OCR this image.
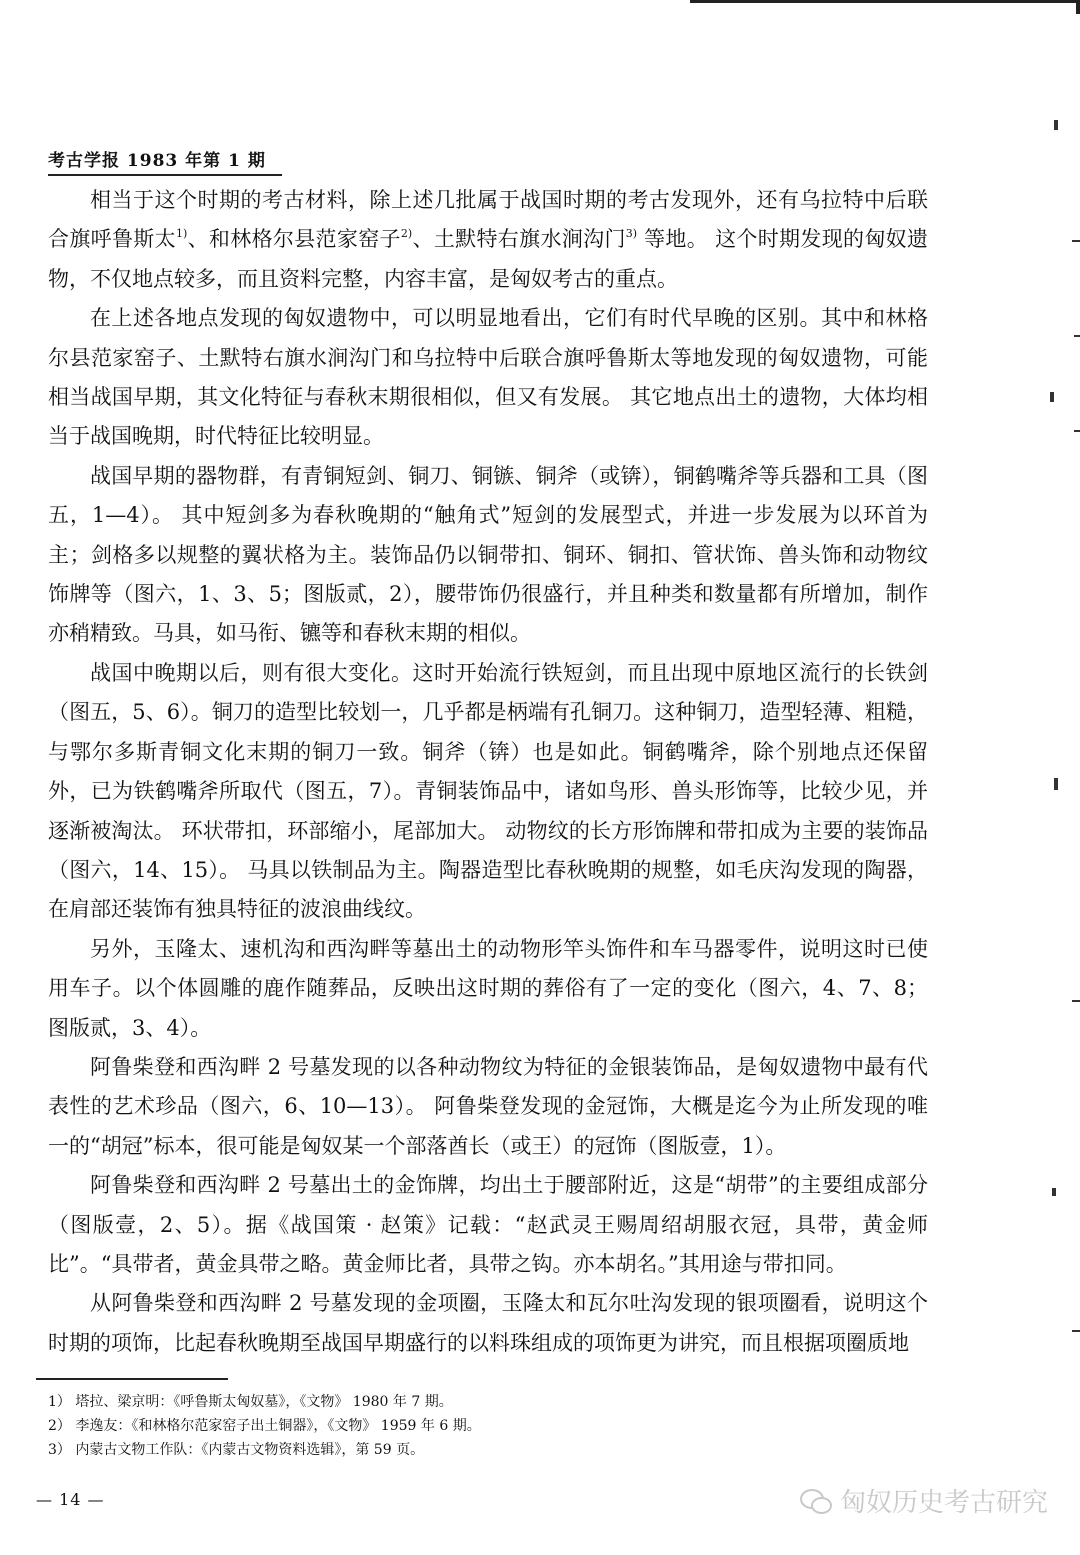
考古学报 1983 年第 1 期

相当于这个时期的考古材料，除上述几批属于战国时期的考古发现外，还有乌拉特中后联合旗呼鲁斯太$^{1)}$、和林格尔县范家窑子$^{2)}$、土默特右旗水涧沟门$^{3)}$ 等地。 这个时期发现的匈奴遗物，不仅地点较多，而且资料完整，内容丰富，是匈奴考古的重点。

在上述各地点发现的匈奴遗物中，可以明显地看出，它们有时代早晚的区别。其中和林格尔县范家窑子、土默特右旗水涧沟门和乌拉特中后联合旗呼鲁斯太等地发现的匈奴遗物，可能相当战国早期，其文化特征与春秋末期很相似，但又有发展。 其它地点出土的遗物，大体均相当于战国晚期，时代特征比较明显。

战国早期的器物群，有青铜短剑、铜刀、铜镞、铜斧（或锛），铜鹤嘴斧等兵器和工具（图五，1—4）。 其中短剑多为春秋晚期的“触角式”短剑的发展型式，并进一步发展为以环首为主；剑格多以规整的翼状格为主。装饰品仍以铜带扣、铜环、铜扣、管状饰、兽头饰和动物纹饰牌等（图六，1、3、5；图版贰，2），腰带饰仍很盛行，并且种类和数量都有所增加，制作亦稍精致。马具，如马衔、镳等和春秋末期的相似。

战国中晚期以后，则有很大变化。这时开始流行铁短剑，而且出现中原地区流行的长铁剑（图五，5、6）。铜刀的造型比较划一，几乎都是柄端有孔铜刀。这种铜刀，造型轻薄、粗糙，与鄂尔多斯青铜文化末期的铜刀一致。铜斧（锛）也是如此。铜鹤嘴斧，除个别地点还保留外，已为铁鹤嘴斧所取代（图五，7）。青铜装饰品中，诸如鸟形、兽头形饰等，比较少见，并逐渐被淘汰。 环状带扣，环部缩小，尾部加大。 动物纹的长方形饰牌和带扣成为主要的装饰品（图六，14、15）。 马具以铁制品为主。陶器造型比春秋晚期的规整，如毛庆沟发现的陶器，在肩部还装饰有独具特征的波浪曲线纹。

另外，玉隆太、速机沟和西沟畔等墓出土的动物形竿头饰件和车马器零件，说明这时已使用车子。以个体圆雕的鹿作随葬品，反映出这时期的葬俗有了一定的变化（图六，4、7、8； 图版贰，3、4）。

阿鲁柴登和西沟畔 2 号墓发现的以各种动物纹为特征的金银装饰品，是匈奴遗物中最有代表性的艺术珍品（图六，6、10—13）。 阿鲁柴登发现的金冠饰，大概是迄今为止所发现的唯一的“胡冠”标本，很可能是匈奴某一个部落酋长（或王）的冠饰（图版壹，1）。

阿鲁柴登和西沟畔 2 号墓出土的金饰牌，均出土于腰部附近，这是“胡带”的主要组成部分（图版壹，2、5）。据《战国策 · 赵策》记载：“赵武灵王赐周绍胡服衣冠，具带，黄金师比”。“具带者，黄金具带之略。黄金师比者，具带之钩。亦本胡名。”其用途与带扣同。

从阿鲁柴登和西沟畔 2 号墓发现的金项圈，玉隆太和瓦尔吐沟发现的银项圈看，说明这个时期的项饰，比起春秋晚期至战国早期盛行的以料珠组成的项饰更为讲究，而且根据项圈质地

1） 塔拉、梁京明：《呼鲁斯太匈奴墓》，《文物》 1980 年 7 期。
2） 李逸友：《和林格尔范家窑子出土铜器》，《文物》 1959 年 6 期。
3） 内蒙古文物工作队：《内蒙古文物资料选辑》，第 59 页。
— 14 —	匈奴历史考古研究
